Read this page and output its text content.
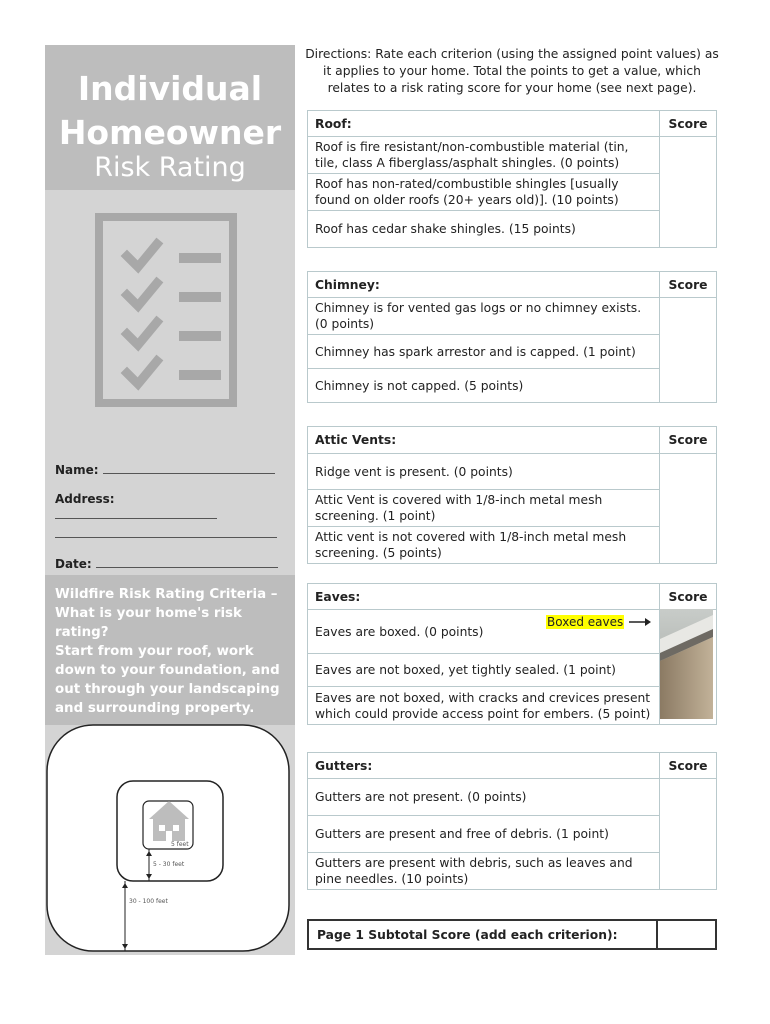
Individual
Homeowner
Risk Rating
Name:
Address:
Date:
Wildfire Risk Rating Criteria – What is your home's risk rating?
Start from your roof, work down to your foundation, and out through your landscaping and surrounding property.
5 feet
5 - 30 feet
30 - 100 feet
Directions: Rate each criterion (using the assigned point values) as it applies to your home. Total the points to get a value, which relates to a risk rating score for your home (see next page).
Roof:	Score
Roof is fire resistant/non-combustible material (tin, tile, class A fiberglass/asphalt shingles. (0 points)	
Roof has non-rated/combustible shingles [usually found on older roofs (20+ years old)]. (10 points)	
Roof has cedar shake shingles. (15 points)	
Chimney:	Score
Chimney is for vented gas logs or no chimney exists. (0 points)	
Chimney has spark arrestor and is capped. (1 point)	
Chimney is not capped. (5 points)	
Attic Vents:	Score
Ridge vent is present. (0 points)	
Attic Vent is covered with 1/8-inch metal mesh screening. (1 point)	
Attic vent is not covered with 1/8-inch metal mesh screening. (5 points)	
Eaves:	Score
Eaves are boxed. (0 points)	
Eaves are not boxed, yet tightly sealed. (1 point)	
Eaves are not boxed, with cracks and crevices present which could provide access point for embers. (5 point)	
Boxed eaves
Gutters:	Score
Gutters are not present. (0 points)	
Gutters are present and free of debris. (1 point)	
Gutters are present with debris, such as leaves and pine needles. (10 points)	
Page 1 Subtotal Score (add each criterion):
